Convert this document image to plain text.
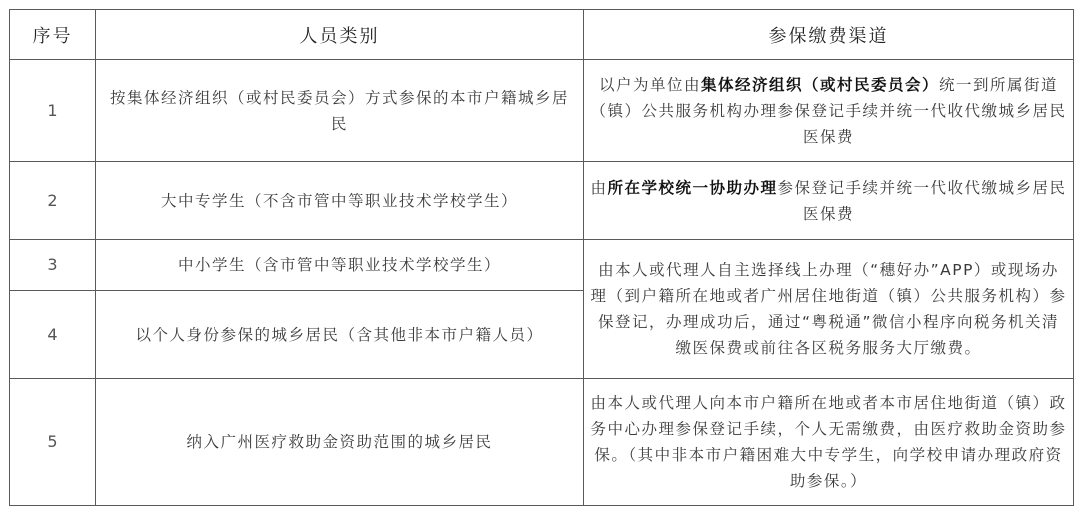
序号	人员类别	参保缴费渠道
1	按集体经济组织（或村民委员会）方式参保的本市户籍城乡居民	以户为单位由集体经济组织（或村民委员会）统一到所属街道（镇）公共服务机构办理参保登记手续并统一代收代缴城乡居民医保费
2	大中专学生（不含市管中等职业技术学校学生）	由所在学校统一协助办理参保登记手续并统一代收代缴城乡居民医保费
3	中小学生（含市管中等职业技术学校学生）	由本人或代理人自主选择线上办理（“穗好办”APP）或现场办理（到户籍所在地或者广州居住地街道（镇）公共服务机构）参保登记，办理成功后，通过“粤税通”微信小程序向税务机关清缴医保费或前往各区税务服务大厅缴费。
4	以个人身份参保的城乡居民（含其他非本市户籍人员）	
5	纳入广州医疗救助金资助范围的城乡居民	由本人或代理人向本市户籍所在地或者本市居住地街道（镇）政务中心办理参保登记手续，个人无需缴费，由医疗救助金资助参保。（其中非本市户籍困难大中专学生，向学校申请办理政府资助参保。）
